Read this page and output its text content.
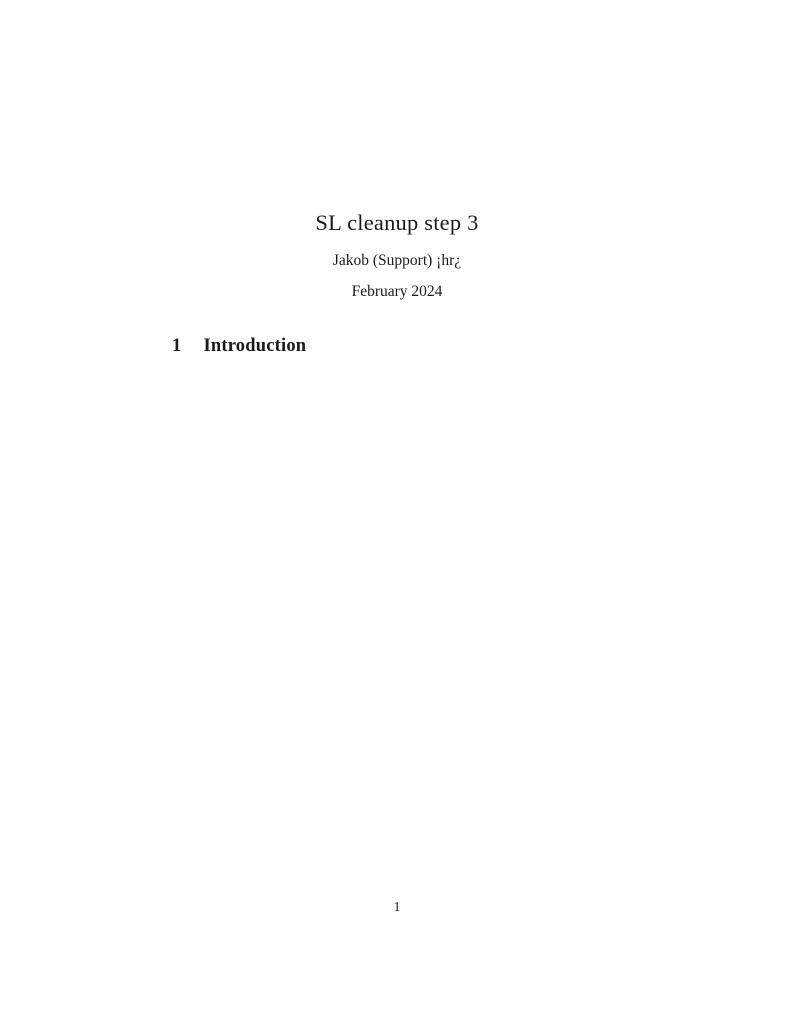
SL cleanup step 3
Jakob (Support) ¡hr¿
February 2024
1 Introduction
1
